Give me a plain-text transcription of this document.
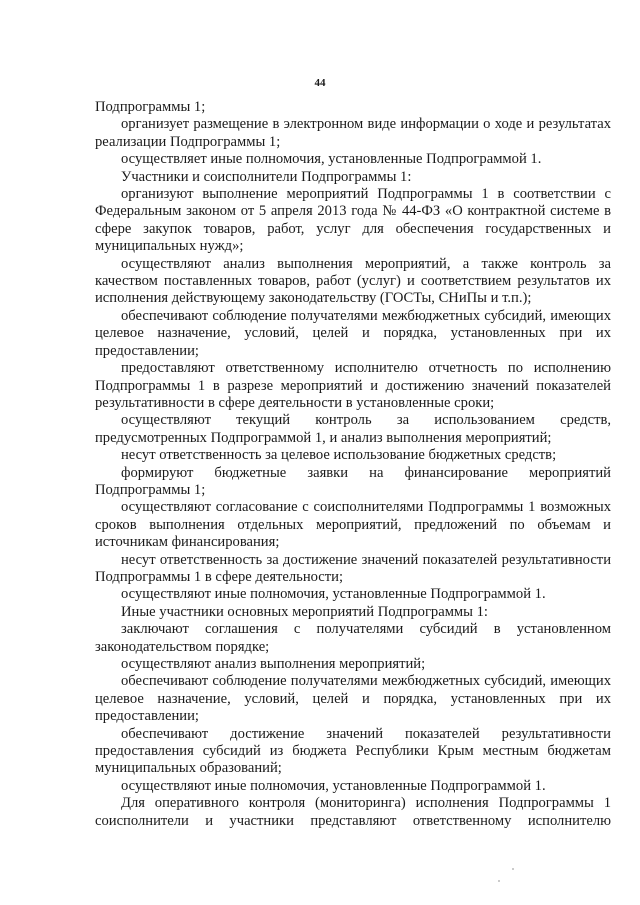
44

Подпрограммы 1;

организует размещение в электронном виде информации о ходе и результатах реализации Подпрограммы 1;

осуществляет иные полномочия, установленные Подпрограммой 1.

Участники и соисполнители Подпрограммы 1:

организуют выполнение мероприятий Подпрограммы 1 в соответствии с Федеральным законом от 5 апреля 2013 года № 44-ФЗ «О контрактной системе в сфере закупок товаров, работ, услуг для обеспечения государственных и муниципальных нужд»;

осуществляют анализ выполнения мероприятий, а также контроль за качеством поставленных товаров, работ (услуг) и соответствием результатов их исполнения действующему законодательству (ГОСТы, СНиПы и т.п.);

обеспечивают соблюдение получателями межбюджетных субсидий, имеющих целевое назначение, условий, целей и порядка, установленных при их предоставлении;

предоставляют ответственному исполнителю отчетность по исполнению Подпрограммы 1 в разрезе мероприятий и достижению значений показателей результативности в сфере деятельности в установленные сроки;

осуществляют текущий контроль за использованием средств, предусмотренных Подпрограммой 1, и анализ выполнения мероприятий;

несут ответственность за целевое использование бюджетных средств;

формируют бюджетные заявки на финансирование мероприятий Подпрограммы 1;

осуществляют согласование с соисполнителями Подпрограммы 1 возможных сроков выполнения отдельных мероприятий, предложений по объемам и источникам финансирования;

несут ответственность за достижение значений показателей результативности Подпрограммы 1 в сфере деятельности;

осуществляют иные полномочия, установленные Подпрограммой 1.

Иные участники основных мероприятий Подпрограммы 1:

заключают соглашения с получателями субсидий в установленном законодательством порядке;

осуществляют анализ выполнения мероприятий;

обеспечивают соблюдение получателями межбюджетных субсидий, имеющих целевое назначение, условий, целей и порядка, установленных при их предоставлении;

обеспечивают достижение значений показателей результативности предоставления субсидий из бюджета Республики Крым местным бюджетам муниципальных образований;

осуществляют иные полномочия, установленные Подпрограммой 1.

Для оперативного контроля (мониторинга) исполнения Подпрограммы 1 соисполнители и участники представляют ответственному исполнителю
